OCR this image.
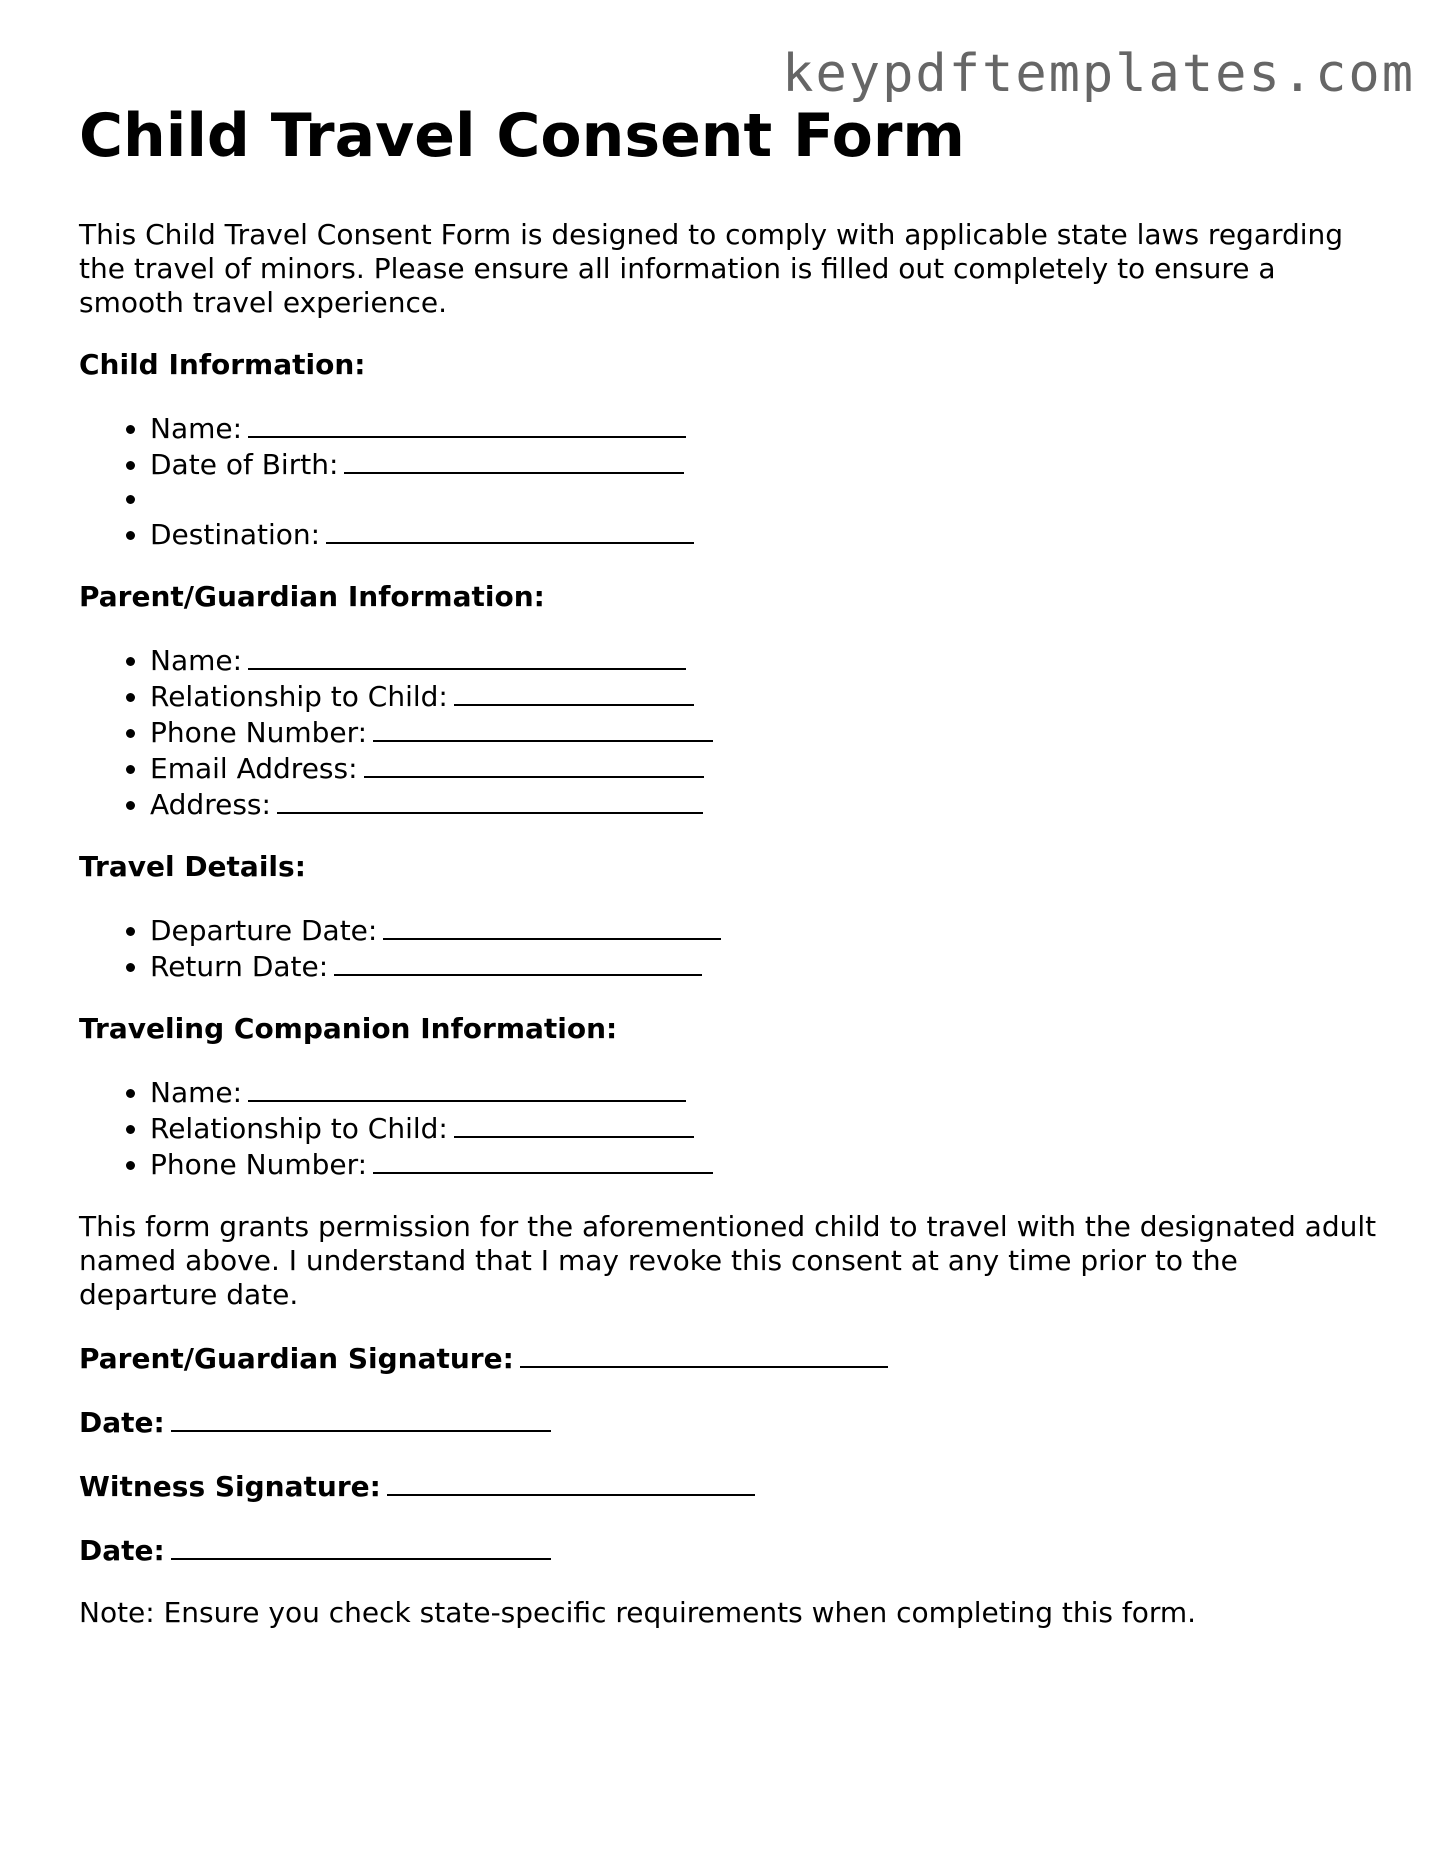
keypdftemplates.com
Child Travel Consent Form

This Child Travel Consent Form is designed to comply with applicable state laws regarding the travel of minors. Please ensure all information is filled out completely to ensure a smooth travel experience.

Child Information:
• Name:
• Date of Birth:
•
• Destination:
Parent/Guardian Information:
• Name:
• Relationship to Child:
• Phone Number:
• Email Address:
• Address:
Travel Details:
• Departure Date:
• Return Date:
Traveling Companion Information:
• Name:
• Relationship to Child:
• Phone Number:

This form grants permission for the aforementioned child to travel with the designated adult named above. I understand that I may revoke this consent at any time prior to the departure date.

Parent/Guardian Signature:
Date:
Witness Signature:
Date:

Note: Ensure you check state-specific requirements when completing this form.
